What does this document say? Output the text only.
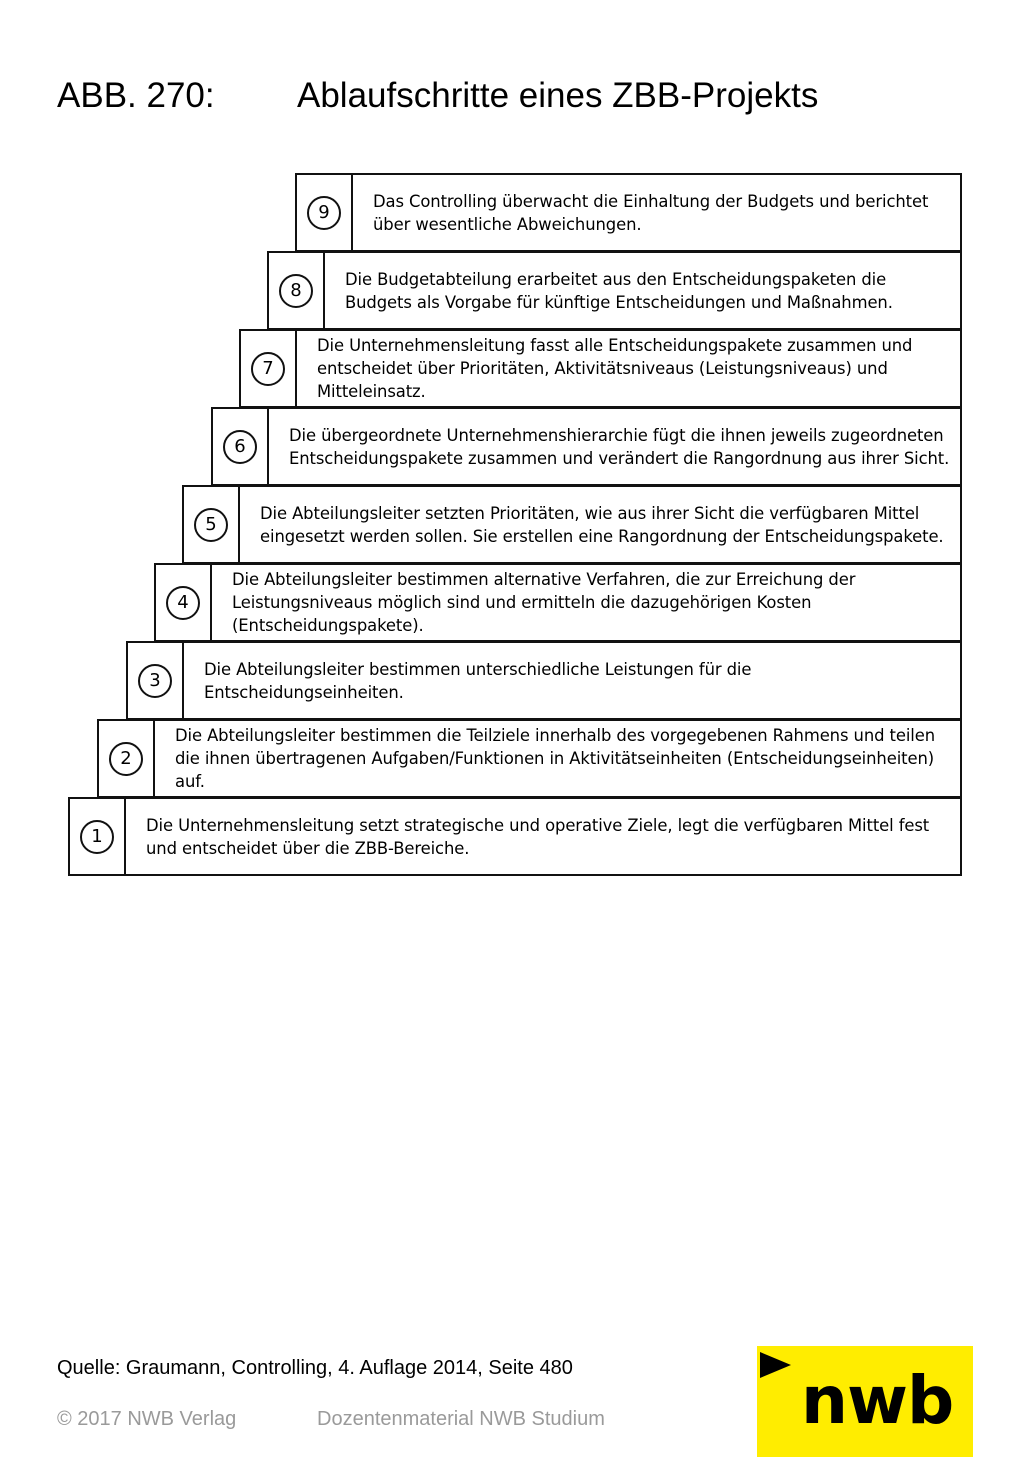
ABB. 270: Ablaufschritte eines ZBB-Projekts
9
Das Controlling überwacht die Einhaltung der Budgets und berichtet über wesentliche Abweichungen.
8
Die Budgetabteilung erarbeitet aus den Entscheidungspaketen die Budgets als Vorgabe für künftige Entscheidungen und Maßnahmen.
7
Die Unternehmensleitung fasst alle Entscheidungspakete zusammen und entscheidet über Prioritäten, Aktivitätsniveaus (Leistungsniveaus) und Mitteleinsatz.
6
Die übergeordnete Unternehmenshierarchie fügt die ihnen jeweils zugeordneten Entscheidungspakete zusammen und verändert die Rangordnung aus ihrer Sicht.
5
Die Abteilungsleiter setzten Prioritäten, wie aus ihrer Sicht die verfügbaren Mittel eingesetzt werden sollen. Sie erstellen eine Rangordnung der Entscheidungspakete.
4
Die Abteilungsleiter bestimmen alternative Verfahren, die zur Erreichung der Leistungsniveaus möglich sind und ermitteln die dazugehörigen Kosten (Entscheidungspakete).
3
Die Abteilungsleiter bestimmen unterschiedliche Leistungen für die Entscheidungseinheiten.
2
Die Abteilungsleiter bestimmen die Teilziele innerhalb des vorgegebenen Rahmens und teilen die ihnen übertragenen Aufgaben/Funktionen in Aktivitätseinheiten (Entscheidungseinheiten) auf.
1
Die Unternehmensleitung setzt strategische und operative Ziele, legt die verfügbaren Mittel fest und entscheidet über die ZBB-Bereiche.
Quelle: Graumann, Controlling, 4. Auflage 2014, Seite 480
© 2017 NWB Verlag	Dozentenmaterial NWB Studium	nwb
